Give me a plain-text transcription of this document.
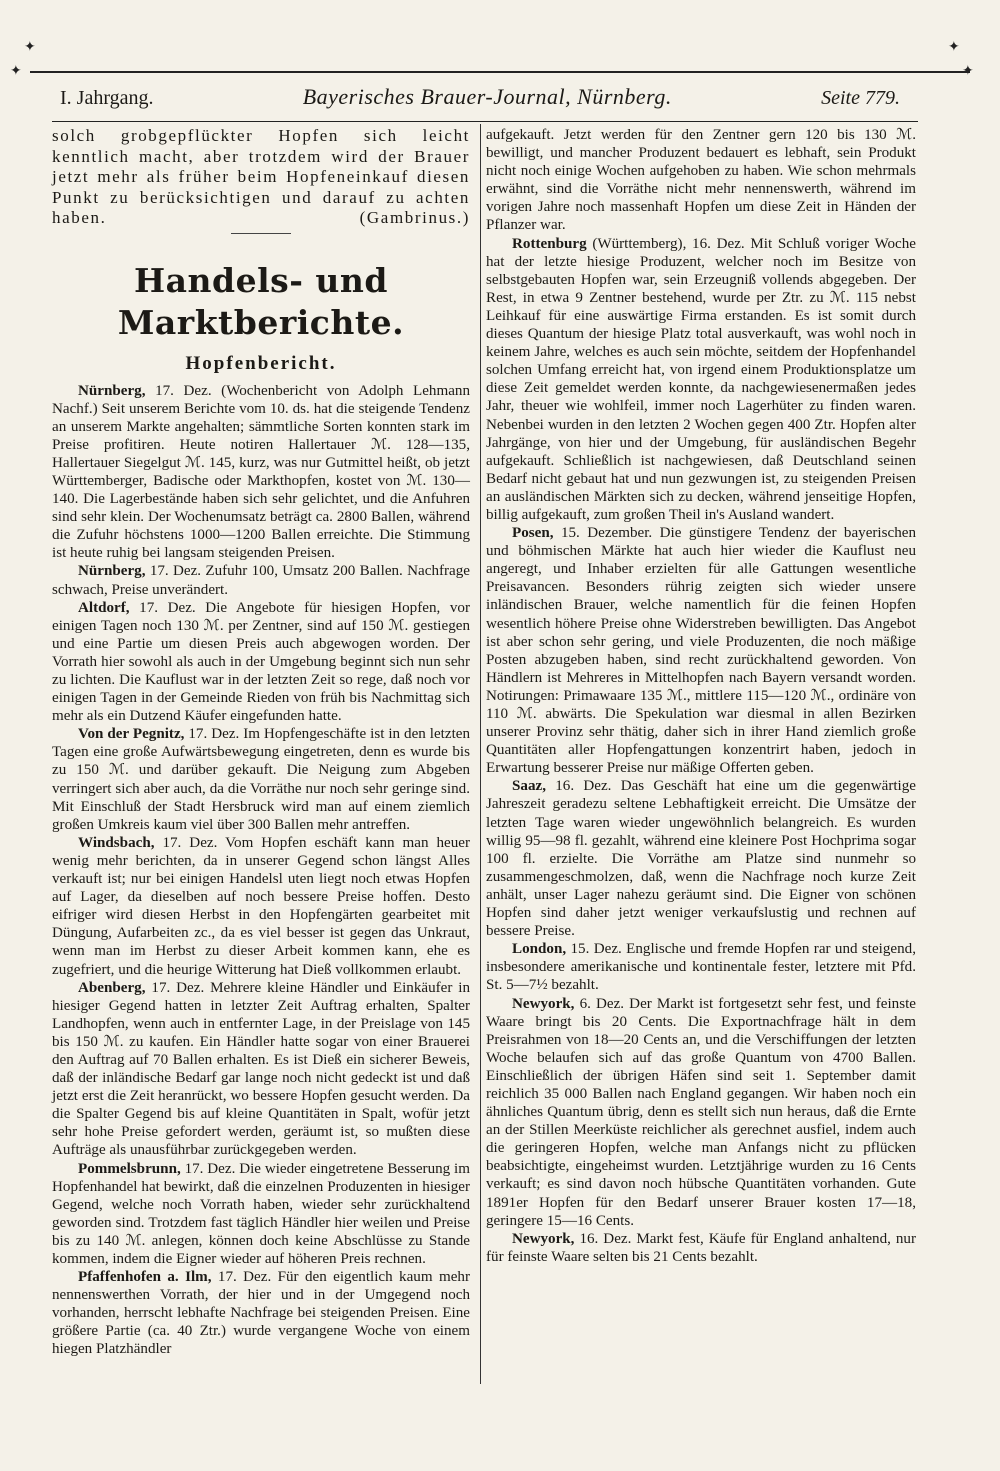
✦	✦
✦	✦
I. Jahrgang.	Bayerisches Brauer-Journal, Nürnberg.	Seite 779.

solch grobgepflückter Hopfen sich leicht kenntlich macht, aber trotzdem wird der Brauer jetzt mehr als früher beim Hopfeneinkauf diesen Punkt zu berücksichtigen und darauf zu achten haben.	(Gambrinus.)

Handels- und Marktberichte.
Hopfenbericht.

Nürnberg, 17. Dez. (Wochenbericht von Adolph Lehmann Nachf.) Seit unserem Berichte vom 10. ds. hat die steigende Tendenz an unserem Markte angehalten; sämmtliche Sorten konnten stark im Preise profitiren. Heute notiren Hallertauer ℳ. 128—135, Hallertauer Siegelgut ℳ. 145, kurz, was nur Gutmittel heißt, ob jetzt Württemberger, Badische oder Markthopfen, kostet von ℳ. 130—140. Die Lagerbestände haben sich sehr gelichtet, und die Anfuhren sind sehr klein. Der Wochenumsatz beträgt ca. 2800 Ballen, während die Zufuhr höchstens 1000—1200 Ballen erreichte. Die Stimmung ist heute ruhig bei langsam steigenden Preisen.

Nürnberg, 17. Dez. Zufuhr 100, Umsatz 200 Ballen. Nachfrage schwach, Preise unverändert.

Altdorf, 17. Dez. Die Angebote für hiesigen Hopfen, vor einigen Tagen noch 130 ℳ. per Zentner, sind auf 150 ℳ. gestiegen und eine Partie um diesen Preis auch abgewogen worden. Der Vorrath hier sowohl als auch in der Umgebung beginnt sich nun sehr zu lichten. Die Kauflust war in der letzten Zeit so rege, daß noch vor einigen Tagen in der Gemeinde Rieden von früh bis Nachmittag sich mehr als ein Dutzend Käufer eingefunden hatte.

Von der Pegnitz, 17. Dez. Im Hopfengeschäfte ist in den letzten Tagen eine große Aufwärtsbewegung eingetreten, denn es wurde bis zu 150 ℳ. und darüber gekauft. Die Neigung zum Abgeben verringert sich aber auch, da die Vorräthe nur noch sehr geringe sind. Mit Einschluß der Stadt Hersbruck wird man auf einem ziemlich großen Umkreis kaum viel über 300 Ballen mehr antreffen.

Windsbach, 17. Dez. Vom Hopfen eschäft kann man heuer wenig mehr berichten, da in unserer Gegend schon längst Alles verkauft ist; nur bei einigen Handelsl uten liegt noch etwas Hopfen auf Lager, da dieselben auf noch bessere Preise hoffen. Desto eifriger wird diesen Herbst in den Hopfengärten gearbeitet mit Düngung, Aufarbeiten zc., da es viel besser ist gegen das Unkraut, wenn man im Herbst zu dieser Arbeit kommen kann, ehe es zugefriert, und die heurige Witterung hat Dieß vollkommen erlaubt.

Abenberg, 17. Dez. Mehrere kleine Händler und Einkäufer in hiesiger Gegend hatten in letzter Zeit Auftrag erhalten, Spalter Landhopfen, wenn auch in entfernter Lage, in der Preislage von 145 bis 150 ℳ. zu kaufen. Ein Händler hatte sogar von einer Brauerei den Auftrag auf 70 Ballen erhalten. Es ist Dieß ein sicherer Beweis, daß der inländische Bedarf gar lange noch nicht gedeckt ist und daß jetzt erst die Zeit heranrückt, wo bessere Hopfen gesucht werden. Da die Spalter Gegend bis auf kleine Quantitäten in Spalt, wofür jetzt sehr hohe Preise gefordert werden, geräumt ist, so mußten diese Aufträge als unausführbar zurückgegeben werden.

Pommelsbrunn, 17. Dez. Die wieder eingetretene Besserung im Hopfenhandel hat bewirkt, daß die einzelnen Produzenten in hiesiger Gegend, welche noch Vorrath haben, wieder sehr zurückhaltend geworden sind. Trotzdem fast täglich Händler hier weilen und Preise bis zu 140 ℳ. anlegen, können doch keine Abschlüsse zu Stande kommen, indem die Eigner wieder auf höheren Preis rechnen.

Pfaffenhofen a. Ilm, 17. Dez. Für den eigentlich kaum mehr nennenswerthen Vorrath, der hier und in der Umgegend noch vorhanden, herrscht lebhafte Nachfrage bei steigenden Preisen. Eine größere Partie (ca. 40 Ztr.) wurde vergangene Woche von einem hiegen Platzhändler

aufgekauft. Jetzt werden für den Zentner gern 120 bis 130 ℳ. bewilligt, und mancher Produzent bedauert es lebhaft, sein Produkt nicht noch einige Wochen aufgehoben zu haben. Wie schon mehrmals erwähnt, sind die Vorräthe nicht mehr nennenswerth, während im vorigen Jahre noch massenhaft Hopfen um diese Zeit in Händen der Pflanzer war.

Rottenburg (Württemberg), 16. Dez. Mit Schluß voriger Woche hat der letzte hiesige Produzent, welcher noch im Besitze von selbstgebauten Hopfen war, sein Erzeugniß vollends abgegeben. Der Rest, in etwa 9 Zentner bestehend, wurde per Ztr. zu ℳ. 115 nebst Leihkauf für eine auswärtige Firma erstanden. Es ist somit durch dieses Quantum der hiesige Platz total ausverkauft, was wohl noch in keinem Jahre, welches es auch sein möchte, seitdem der Hopfenhandel solchen Umfang erreicht hat, von irgend einem Produktionsplatze um diese Zeit gemeldet werden konnte, da nachgewiesenermaßen jedes Jahr, theuer wie wohlfeil, immer noch Lagerhüter zu finden waren. Nebenbei wurden in den letzten 2 Wochen gegen 400 Ztr. Hopfen alter Jahrgänge, von hier und der Umgebung, für ausländischen Begehr aufgekauft. Schließlich ist nachgewiesen, daß Deutschland seinen Bedarf nicht gebaut hat und nun gezwungen ist, zu steigenden Preisen an ausländischen Märkten sich zu decken, während jenseitige Hopfen, billig aufgekauft, zum großen Theil in's Ausland wandert.

Posen, 15. Dezember. Die günstigere Tendenz der bayerischen und böhmischen Märkte hat auch hier wieder die Kauflust neu angeregt, und Inhaber erzielten für alle Gattungen wesentliche Preisavancen. Besonders rührig zeigten sich wieder unsere inländischen Brauer, welche namentlich für die feinen Hopfen wesentlich höhere Preise ohne Widerstreben bewilligten. Das Angebot ist aber schon sehr gering, und viele Produzenten, die noch mäßige Posten abzugeben haben, sind recht zurückhaltend geworden. Von Händlern ist Mehreres in Mittelhopfen nach Bayern versandt worden. Notirungen: Primawaare 135 ℳ., mittlere 115—120 ℳ., ordinäre von 110 ℳ. abwärts. Die Spekulation war diesmal in allen Bezirken unserer Provinz sehr thätig, daher sich in ihrer Hand ziemlich große Quantitäten aller Hopfengattungen konzentrirt haben, jedoch in Erwartung besserer Preise nur mäßige Offerten geben.

Saaz, 16. Dez. Das Geschäft hat eine um die gegenwärtige Jahreszeit geradezu seltene Lebhaftigkeit erreicht. Die Umsätze der letzten Tage waren wieder ungewöhnlich belangreich. Es wurden willig 95—98 fl. gezahlt, während eine kleinere Post Hochprima sogar 100 fl. erzielte. Die Vorräthe am Platze sind nunmehr so zusammengeschmolzen, daß, wenn die Nachfrage noch kurze Zeit anhält, unser Lager nahezu geräumt sind. Die Eigner von schönen Hopfen sind daher jetzt weniger verkaufslustig und rechnen auf bessere Preise.

London, 15. Dez. Englische und fremde Hopfen rar und steigend, insbesondere amerikanische und kontinentale fester, letztere mit Pfd. St. 5—7½ bezahlt.

Newyork, 6. Dez. Der Markt ist fortgesetzt sehr fest, und feinste Waare bringt bis 20 Cents. Die Exportnachfrage hält in dem Preisrahmen von 18—20 Cents an, und die Verschiffungen der letzten Woche belaufen sich auf das große Quantum von 4700 Ballen. Einschließlich der übrigen Häfen sind seit 1. September damit reichlich 35 000 Ballen nach England gegangen. Wir haben noch ein ähnliches Quantum übrig, denn es stellt sich nun heraus, daß die Ernte an der Stillen Meerküste reichlicher als gerechnet ausfiel, indem auch die geringeren Hopfen, welche man Anfangs nicht zu pflücken beabsichtigte, eingeheimst wurden. Letztjährige wurden zu 16 Cents verkauft; es sind davon noch hübsche Quantitäten vorhanden. Gute 1891er Hopfen für den Bedarf unserer Brauer kosten 17—18, geringere 15—16 Cents.

Newyork, 16. Dez. Markt fest, Käufe für England anhaltend, nur für feinste Waare selten bis 21 Cents bezahlt.
